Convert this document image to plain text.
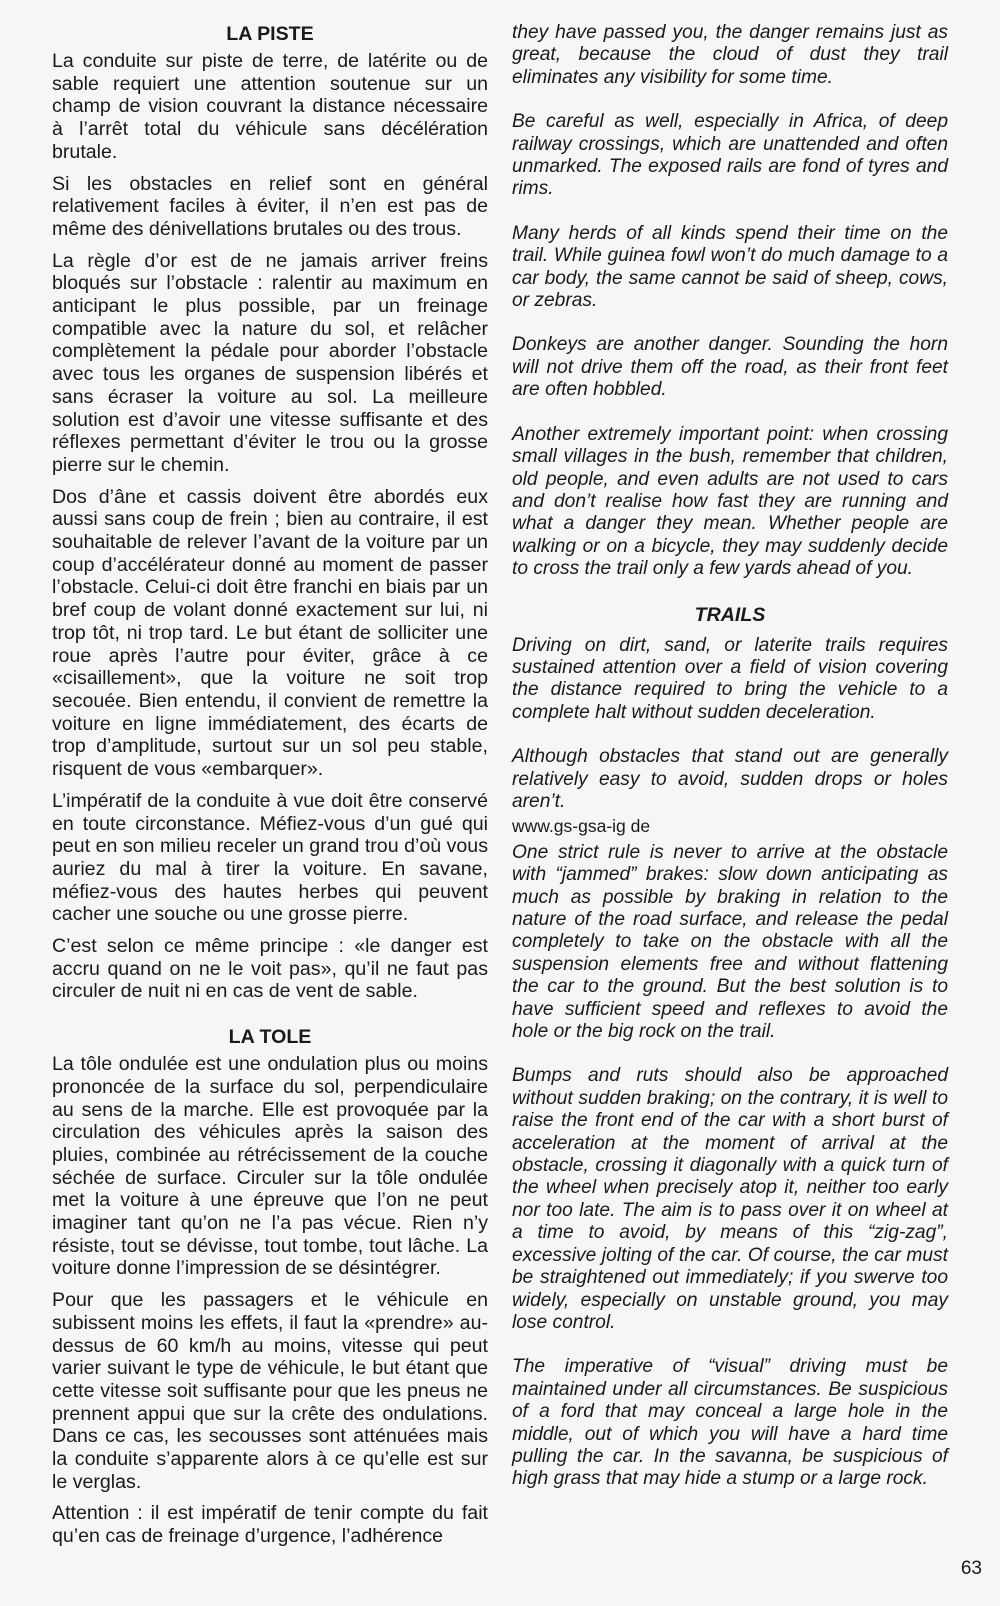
LA PISTE

La conduite sur piste de terre, de latérite ou de sable requiert une attention soutenue sur un champ de vision couvrant la distance nécessaire à l’arrêt total du véhicule sans décélération brutale.

Si les obstacles en relief sont en général relativement faciles à éviter, il n’en est pas de même des dénivellations brutales ou des trous.

La règle d’or est de ne jamais arriver freins bloqués sur l’obstacle : ralentir au maximum en anticipant le plus possible, par un freinage compatible avec la nature du sol, et relâcher complètement la pédale pour aborder l’obstacle avec tous les organes de suspension libérés et sans écraser la voiture au sol. La meilleure solution est d’avoir une vitesse suffisante et des réflexes permettant d’éviter le trou ou la grosse pierre sur le chemin.

Dos d’âne et cassis doivent être abordés eux aussi sans coup de frein ; bien au contraire, il est souhaitable de relever l’avant de la voiture par un coup d’accélérateur donné au moment de passer l’obstacle. Celui-ci doit être franchi en biais par un bref coup de volant donné exactement sur lui, ni trop tôt, ni trop tard. Le but étant de solliciter une roue après l’autre pour éviter, grâce à ce «cisaillement», que la voiture ne soit trop secouée. Bien entendu, il convient de remettre la voiture en ligne immédiatement, des écarts de trop d’amplitude, surtout sur un sol peu stable, risquent de vous «embarquer».

L’impératif de la conduite à vue doit être conservé en toute circonstance. Méfiez-vous d’un gué qui peut en son milieu receler un grand trou d’où vous auriez du mal à tirer la voiture. En savane, méfiez-vous des hautes herbes qui peuvent cacher une souche ou une grosse pierre.

C’est selon ce même principe : «le danger est accru quand on ne le voit pas», qu’il ne faut pas circuler de nuit ni en cas de vent de sable.

LA TOLE

La tôle ondulée est une ondulation plus ou moins prononcée de la surface du sol, perpendiculaire au sens de la marche. Elle est provoquée par la circulation des véhicules après la saison des pluies, combinée au rétrécissement de la couche séchée de surface. Circuler sur la tôle ondulée met la voiture à une épreuve que l’on ne peut imaginer tant qu’on ne l’a pas vécue. Rien n’y résiste, tout se dévisse, tout tombe, tout lâche. La voiture donne l’impression de se désintégrer.

Pour que les passagers et le véhicule en subissent moins les effets, il faut la «prendre» au-dessus de 60 km/h au moins, vitesse qui peut varier suivant le type de véhicule, le but étant que cette vitesse soit suffisante pour que les pneus ne prennent appui que sur la crête des ondulations. Dans ce cas, les secousses sont atténuées mais la conduite s’apparente alors à ce qu’elle est sur le verglas.

Attention : il est impératif de tenir compte du fait qu’en cas de freinage d’urgence, l’adhérence

they have passed you, the danger remains just as great, because the cloud of dust they trail eliminates any visibility for some time.

Be careful as well, especially in Africa, of deep railway crossings, which are unattended and often unmarked. The exposed rails are fond of tyres and rims.

Many herds of all kinds spend their time on the trail. While guinea fowl won’t do much damage to a car body, the same cannot be said of sheep, cows, or zebras.

Donkeys are another danger. Sounding the horn will not drive them off the road, as their front feet are often hobbled.

Another extremely important point: when crossing small villages in the bush, remember that children, old people, and even adults are not used to cars and don’t realise how fast they are running and what a danger they mean. Whether people are walking or on a bicycle, they may suddenly decide to cross the trail only a few yards ahead of you.

TRAILS

Driving on dirt, sand, or laterite trails requires sustained attention over a field of vision covering the distance required to bring the vehicle to a complete halt without sudden deceleration.

Although obstacles that stand out are generally relatively easy to avoid, sudden drops or holes aren’t.

www.gs-gsa-ig de

One strict rule is never to arrive at the obstacle with “jammed” brakes: slow down anticipating as much as possible by braking in relation to the nature of the road surface, and release the pedal completely to take on the obstacle with all the suspension elements free and without flattening the car to the ground. But the best solution is to have sufficient speed and reflexes to avoid the hole or the big rock on the trail.

Bumps and ruts should also be approached without sudden braking; on the contrary, it is well to raise the front end of the car with a short burst of acceleration at the moment of arrival at the obstacle, crossing it diagonally with a quick turn of the wheel when precisely atop it, neither too early nor too late. The aim is to pass over it on wheel at a time to avoid, by means of this “zig-zag”, excessive jolting of the car. Of course, the car must be straightened out immediately; if you swerve too widely, especially on unstable ground, you may lose control.

The imperative of “visual” driving must be maintained under all circumstances. Be suspicious of a ford that may conceal a large hole in the middle, out of which you will have a hard time pulling the car. In the savanna, be suspicious of high grass that may hide a stump or a large rock.

63
